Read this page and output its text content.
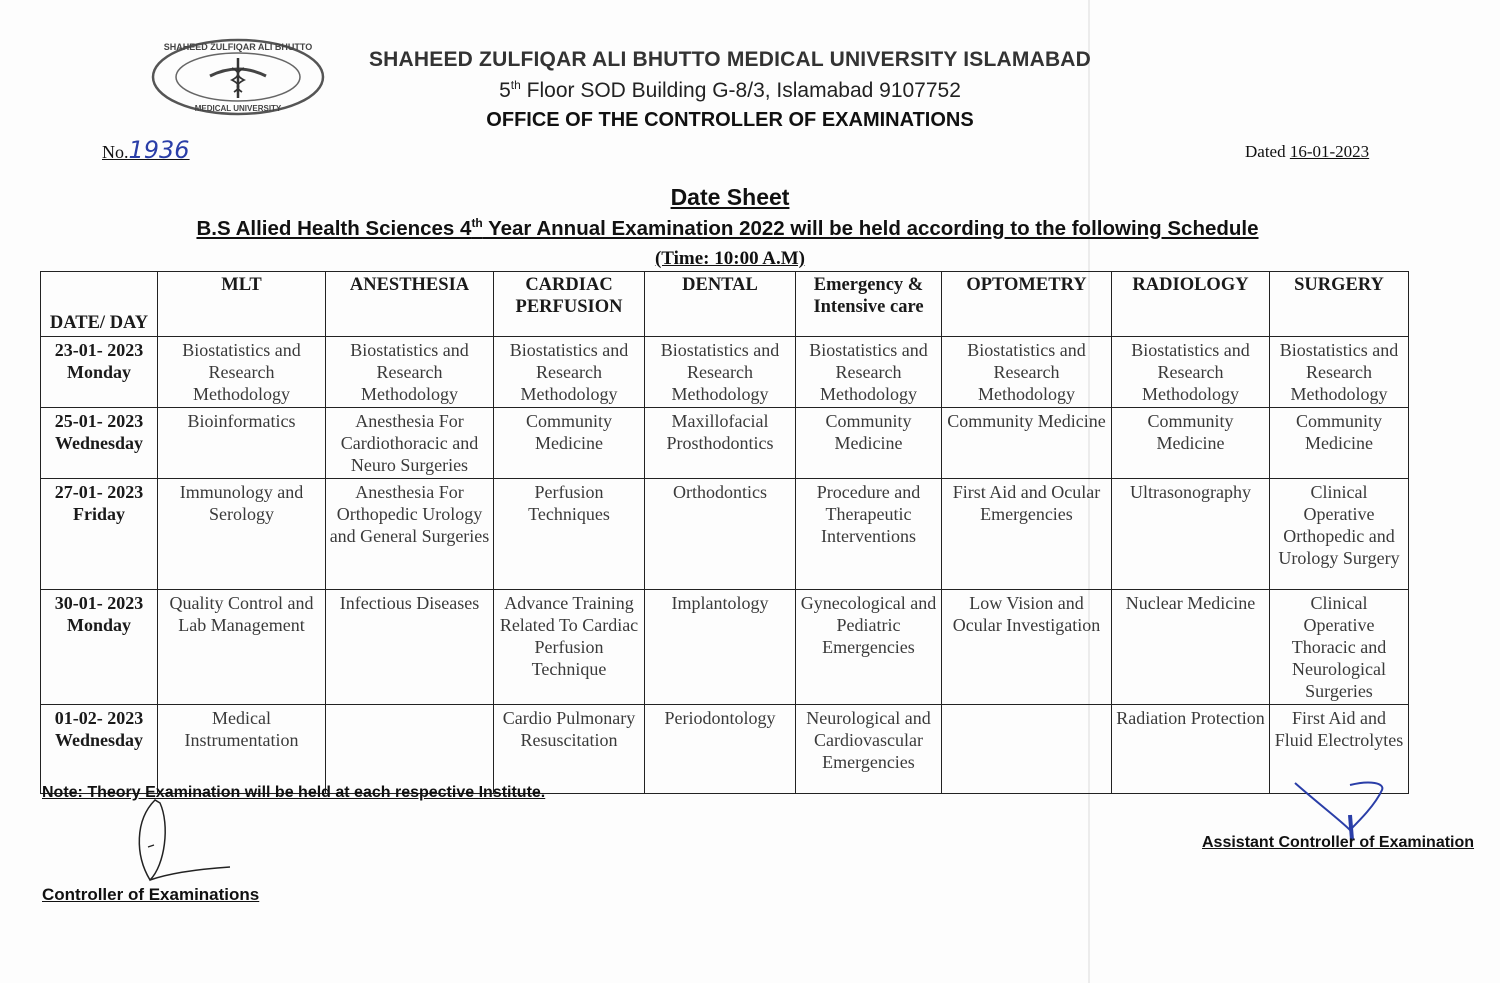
SHAHEED ZULFIQAR ALI BHUTTO
MEDICAL UNIVERSITY
SHAHEED ZULFIQAR ALI BHUTTO MEDICAL UNIVERSITY ISLAMABAD
5th Floor SOD Building G-8/3, Islamabad 9107752
OFFICE OF THE CONTROLLER OF EXAMINATIONS
No.1936	Dated 16-01-2023
Date Sheet
B.S Allied Health Sciences 4th Year Annual Examination 2022 will be held according to the following Schedule
(Time: 10:00 A.M)
DATE/ DAY	MLT	ANESTHESIA	CARDIAC PERFUSION	DENTAL	Emergency & Intensive care	OPTOMETRY	RADIOLOGY	SURGERY

23-01- 2023
Monday	Biostatistics and Research Methodology	Biostatistics and Research Methodology	Biostatistics and Research Methodology	Biostatistics and Research Methodology	Biostatistics and Research Methodology	Biostatistics and Research Methodology	Biostatistics and Research Methodology	Biostatistics and Research Methodology

25-01- 2023
Wednesday	Bioinformatics	Anesthesia For Cardiothoracic and Neuro Surgeries	Community Medicine	Maxillofacial Prosthodontics	Community Medicine	Community Medicine	Community Medicine	Community Medicine

27-01- 2023
Friday	Immunology and Serology	Anesthesia For Orthopedic Urology and General Surgeries	Perfusion Techniques	Orthodontics	Procedure and Therapeutic Interventions	First Aid and Ocular Emergencies	Ultrasonography	Clinical Operative Orthopedic and Urology Surgery

30-01- 2023
Monday	Quality Control and Lab Management	Infectious Diseases	Advance Training Related To Cardiac Perfusion Technique	Implantology	Gynecological and Pediatric Emergencies	Low Vision and Ocular Investigation	Nuclear Medicine	Clinical Operative Thoracic and Neurological Surgeries

01-02- 2023
Wednesday	Medical Instrumentation		Cardio Pulmonary Resuscitation	Periodontology	Neurological and Cardiovascular Emergencies		Radiation Protection	First Aid and Fluid Electrolytes
Note: Theory Examination will be held at each respective Institute.
Controller of Examinations
Assistant Controller of Examination
